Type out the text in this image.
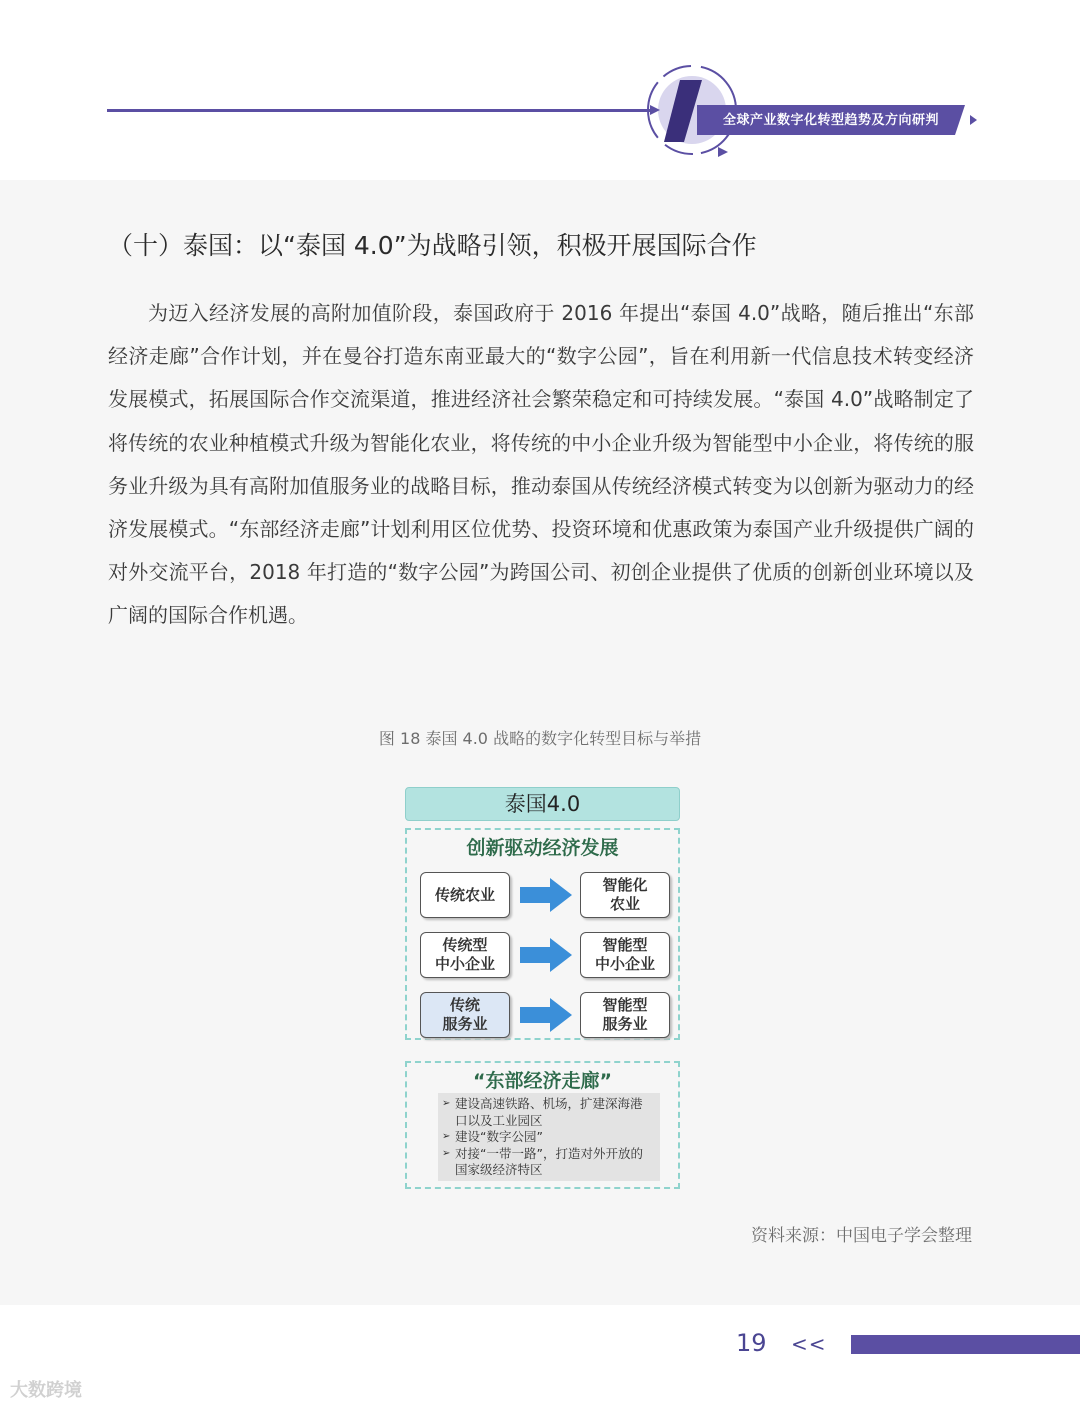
全球产业数字化转型趋势及方向研判
（十）泰国：以“泰国 4.0”为战略引领，积极开展国际合作

为迈入经济发展的高附加值阶段，泰国政府于 2016 年提出“泰国 4.0”战略，随后推出“东部经济走廊”合作计划，并在曼谷打造东南亚最大的“数字公园”，旨在利用新一代信息技术转变经济发展模式，拓展国际合作交流渠道，推进经济社会繁荣稳定和可持续发展。“泰国 4.0”战略制定了将传统的农业种植模式升级为智能化农业，将传统的中小企业升级为智能型中小企业，将传统的服务业升级为具有高附加值服务业的战略目标，推动泰国从传统经济模式转变为以创新为驱动力的经济发展模式。“东部经济走廊”计划利用区位优势、投资环境和优惠政策为泰国产业升级提供广阔的对外交流平台，2018 年打造的“数字公园”为跨国公司、初创企业提供了优质的创新创业环境以及广阔的国际合作机遇。

图 18 泰国 4.0 战略的数字化转型目标与举措
泰国4.0
创新驱动经济发展
传统农业
智能化
农业
传统型
中小企业
智能型
中小企业
传统
服务业
智能型
服务业
“东部经济走廊”
➢ 建设高速铁路、机场，扩建深海港口以及工业园区
➢ 建设“数字公园”
➢ 对接“一带一路”，打造对外开放的国家级经济特区
资料来源：中国电子学会整理
19 <<
大数跨境
